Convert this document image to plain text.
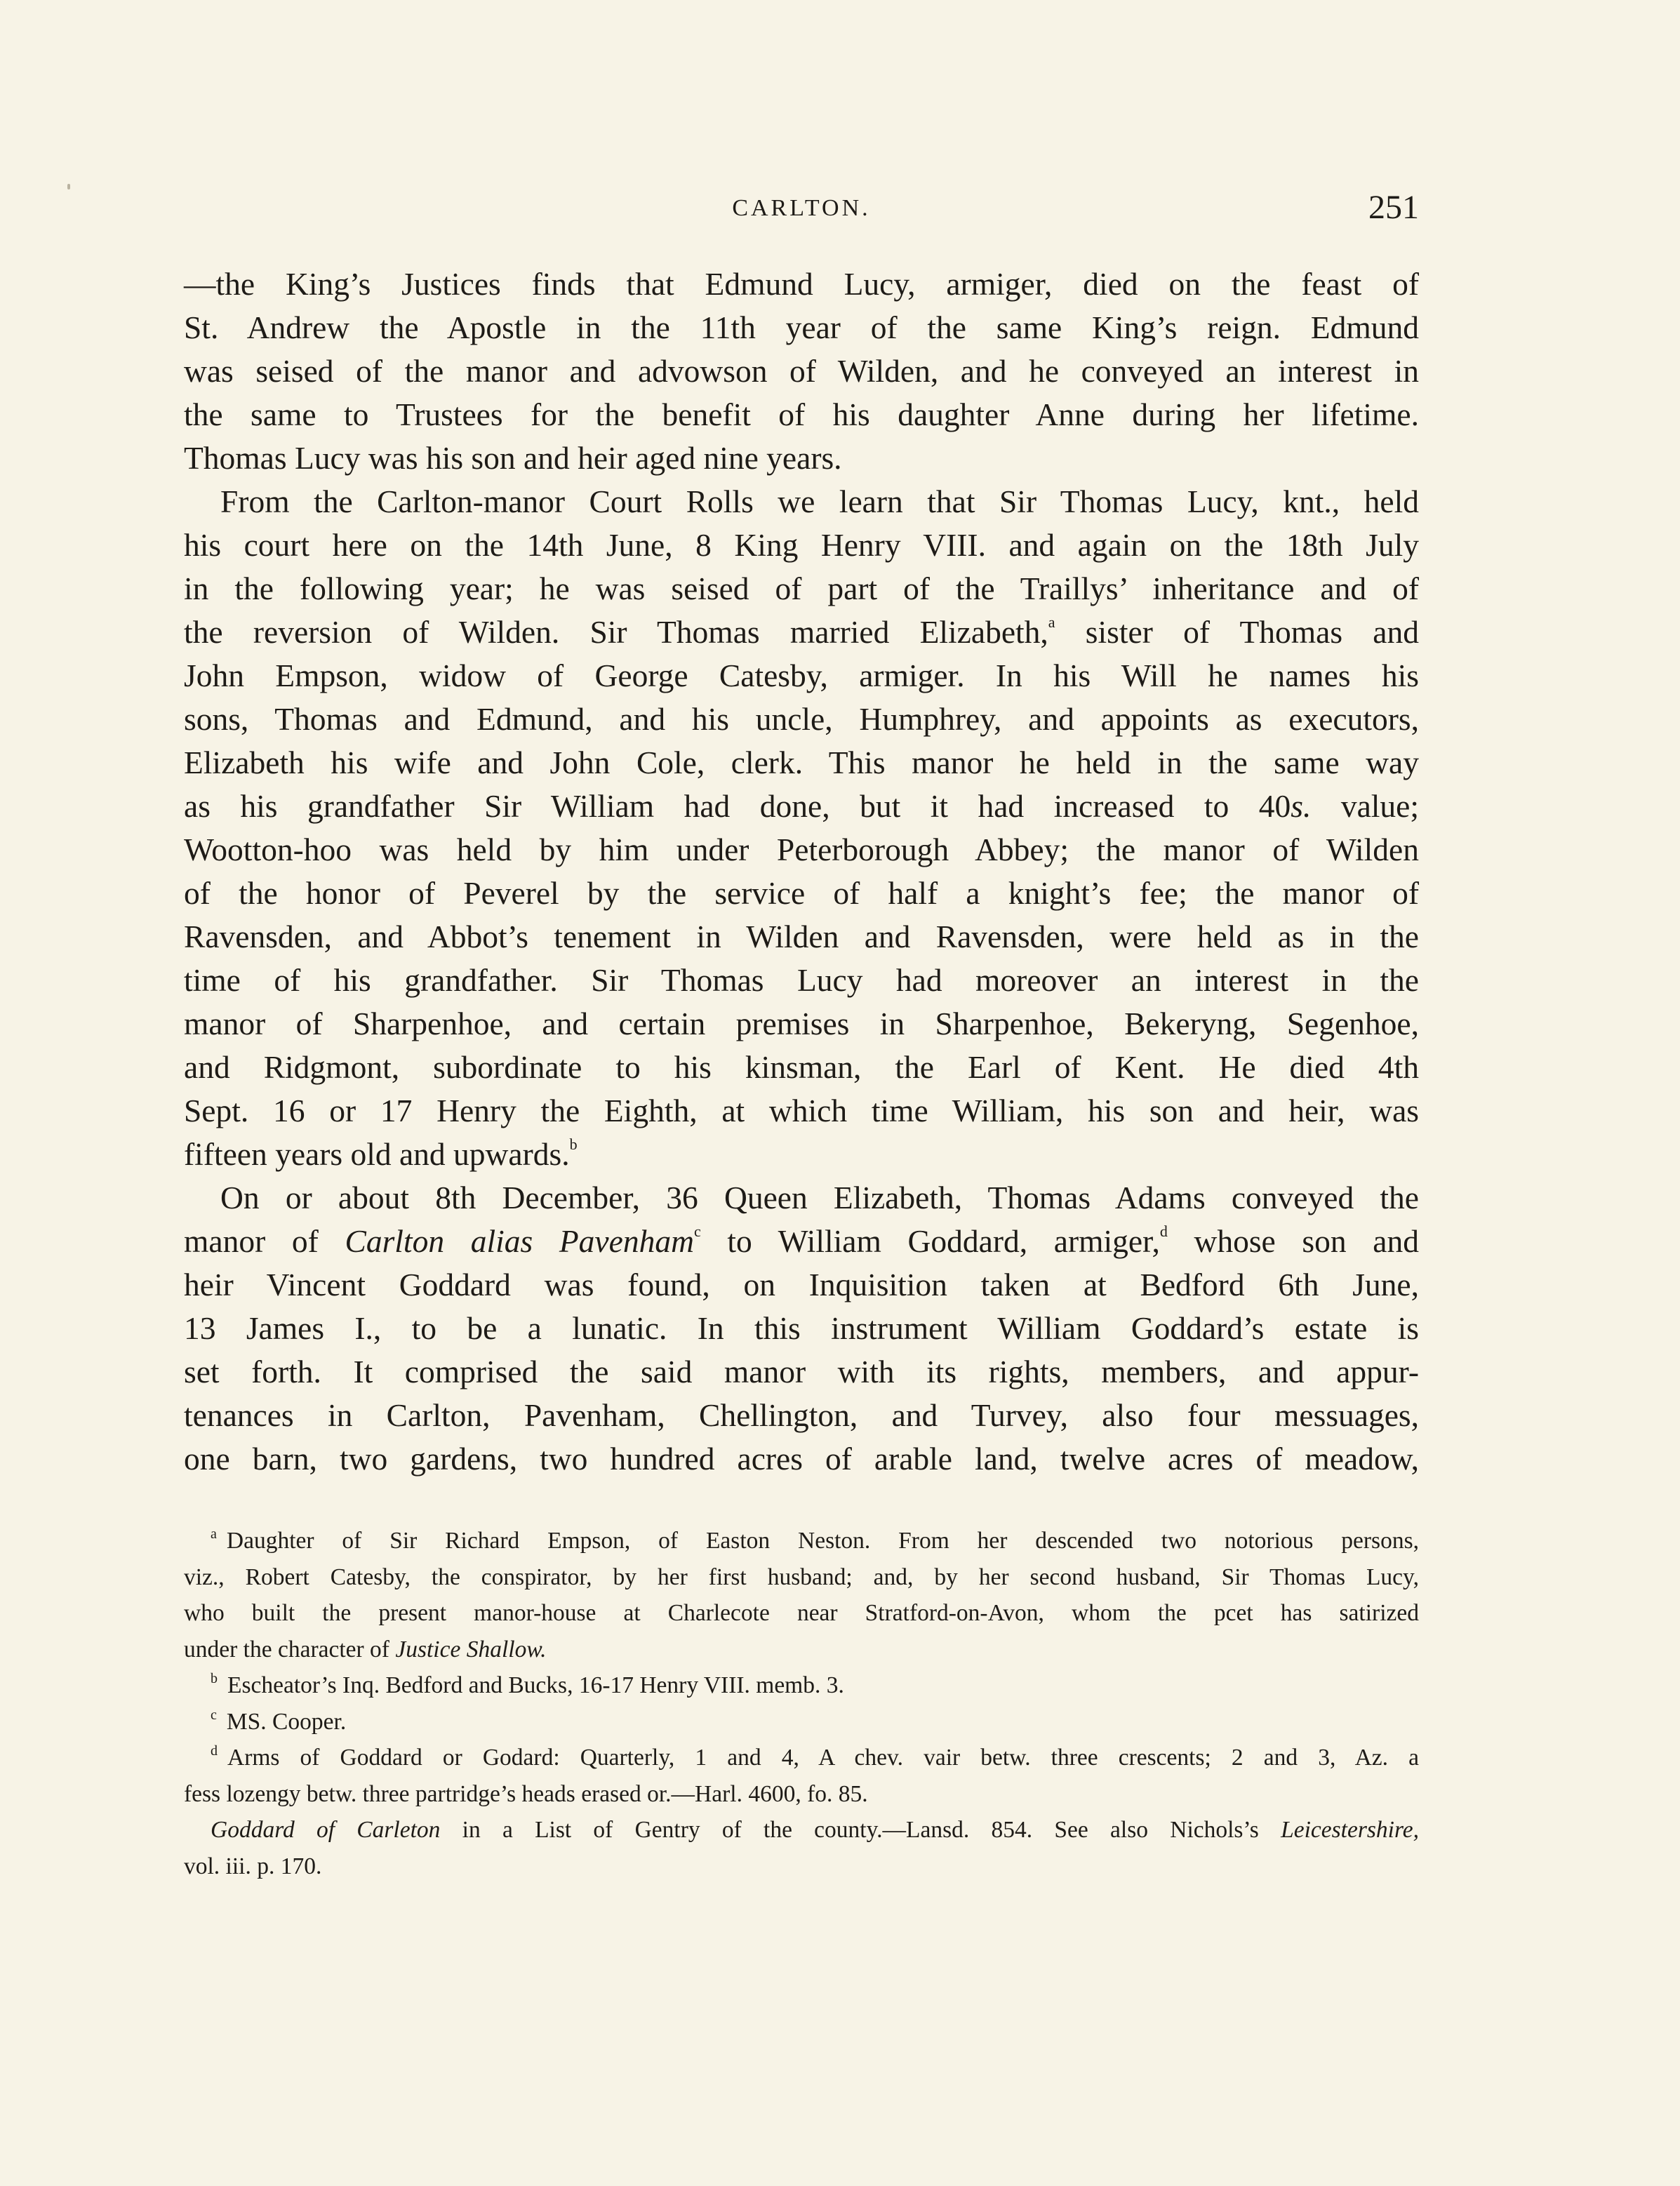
CARLTON.	251

—the King’s Justices finds that Edmund Lucy, armiger, died on the feast of
St. Andrew the Apostle in the 11th year of the same King’s reign. Edmund
was seised of the manor and advowson of Wilden, and he conveyed an interest in
the same to Trustees for the benefit of his daughter Anne during her lifetime.
Thomas Lucy was his son and heir aged nine years.

From the Carlton-manor Court Rolls we learn that Sir Thomas Lucy, knt., held
his court here on the 14th June, 8 King Henry VIII. and again on the 18th July
in the following year; he was seised of part of the Traillys’ inheritance and of
the reversion of Wilden. Sir Thomas married Elizabeth,$^a$ sister of Thomas and
John Empson, widow of George Catesby, armiger. In his Will he names his
sons, Thomas and Edmund, and his uncle, Humphrey, and appoints as executors,
Elizabeth his wife and John Cole, clerk. This manor he held in the same way
as his grandfather Sir William had done, but it had increased to 40s. value;
Wootton-hoo was held by him under Peterborough Abbey; the manor of Wilden
of the honor of Peverel by the service of half a knight’s fee; the manor of
Ravensden, and Abbot’s tenement in Wilden and Ravensden, were held as in the
time of his grandfather. Sir Thomas Lucy had moreover an interest in the
manor of Sharpenhoe, and certain premises in Sharpenhoe, Bekeryng, Segenhoe,
and Ridgmont, subordinate to his kinsman, the Earl of Kent. He died 4th
Sept. 16 or 17 Henry the Eighth, at which time William, his son and heir, was
fifteen years old and upwards.$^b$

On or about 8th December, 36 Queen Elizabeth, Thomas Adams conveyed the
manor of Carlton alias Pavenham$^c$ to William Goddard, armiger,$^d$ whose son and
heir Vincent Goddard was found, on Inquisition taken at Bedford 6th June,
13 James I., to be a lunatic. In this instrument William Goddard’s estate is
set forth. It comprised the said manor with its rights, members, and appur-
tenances in Carlton, Pavenham, Chellington, and Turvey, also four messuages,
one barn, two gardens, two hundred acres of arable land, twelve acres of meadow,

$^a$ Daughter of Sir Richard Empson, of Easton Neston. From her descended two notorious persons,
viz., Robert Catesby, the conspirator, by her first husband; and, by her second husband, Sir Thomas Lucy,
who built the present manor-house at Charlecote near Stratford-on-Avon, whom the pcet has satirized
under the character of Justice Shallow.
$^b$ Escheator’s Inq. Bedford and Bucks, 16-17 Henry VIII. memb. 3.
$^c$ MS. Cooper.
$^d$ Arms of Goddard or Godard: Quarterly, 1 and 4, A chev. vair betw. three crescents; 2 and 3, Az. a
fess lozengy betw. three partridge’s heads erased or.—Harl. 4600, fo. 85.
Goddard of Carleton in a List of Gentry of the county.—Lansd. 854. See also Nichols’s Leicestershire,
vol. iii. p. 170.
